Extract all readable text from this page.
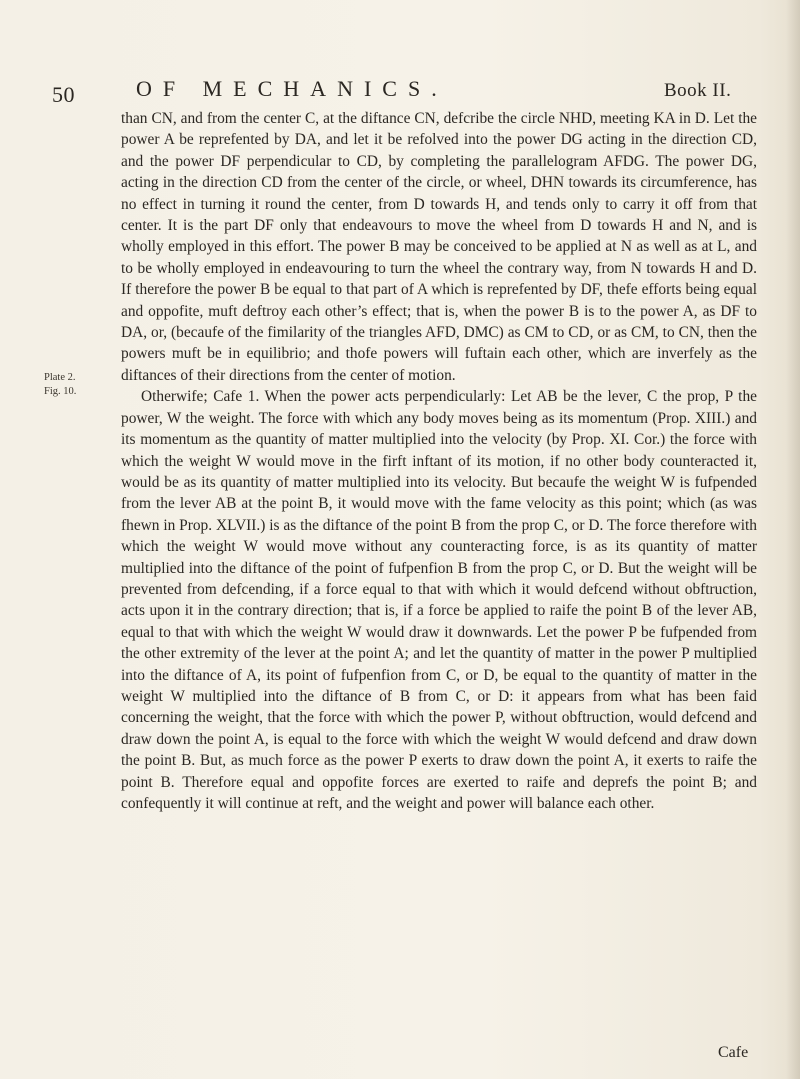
50	OF MECHANICS.	Book II.

than CN, and from the center C, at the diftance CN, defcribe the circle NHD, meeting KA in D. Let the power A be reprefented by DA, and let it be refolved into the power DG acting in the direction CD, and the power DF perpendicular to CD, by completing the parallelogram AFDG. The power DG, acting in the direction CD from the center of the circle, or wheel, DHN towards its circumference, has no effect in turning it round the center, from D towards H, and tends only to carry it off from that center. It is the part DF only that endeavours to move the wheel from D towards H and N, and is wholly employed in this effort. The power B may be conceived to be applied at N as well as at L, and to be wholly employed in endeavouring to turn the wheel the contrary way, from N towards H and D. If therefore the power B be equal to that part of A which is reprefented by DF, thefe efforts being equal and oppofite, muft deftroy each other’s effect; that is, when the power B is to the power A, as DF to DA, or, (becaufe of the fimilarity of the triangles AFD, DMC) as CM to CD, or as CM, to CN, then the powers muft be in equilibrio; and thofe powers will fuftain each other, which are inverfely as the diftances of their directions from the center of motion.

Otherwife; Cafe 1. When the power acts perpendicularly: Let AB be the lever, C the prop, P the power, W the weight. The force with which any body moves being as its momentum (Prop. XIII.) and its momentum as the quantity of matter multiplied into the velocity (by Prop. XI. Cor.) the force with which the weight W would move in the firft inftant of its motion, if no other body counteracted it, would be as its quantity of matter multiplied into its velocity. But becaufe the weight W is fufpended from the lever AB at the point B, it would move with the fame velocity as this point; which (as was fhewn in Prop. XLVII.) is as the diftance of the point B from the prop C, or D. The force therefore with which the weight W would move without any counteracting force, is as its quantity of matter multiplied into the diftance of the point of fufpenfion B from the prop C, or D. But the weight will be prevented from defcending, if a force equal to that with which it would defcend without obftruction, acts upon it in the contrary direction; that is, if a force be applied to raife the point B of the lever AB, equal to that with which the weight W would draw it downwards. Let the power P be fufpended from the other extremity of the lever at the point A; and let the quantity of matter in the power P multiplied into the diftance of A, its point of fufpenfion from C, or D, be equal to the quantity of matter in the weight W multiplied into the diftance of B from C, or D: it appears from what has been faid concerning the weight, that the force with which the power P, without obftruction, would defcend and draw down the point A, is equal to the force with which the weight W would defcend and draw down the point B. But, as much force as the power P exerts to draw down the point A, it exerts to raife the point B. Therefore equal and oppofite forces are exerted to raife and deprefs the point B; and confequently it will continue at reft, and the weight and power will balance each other.

Plate 2.
Fig. 10.
Cafe
